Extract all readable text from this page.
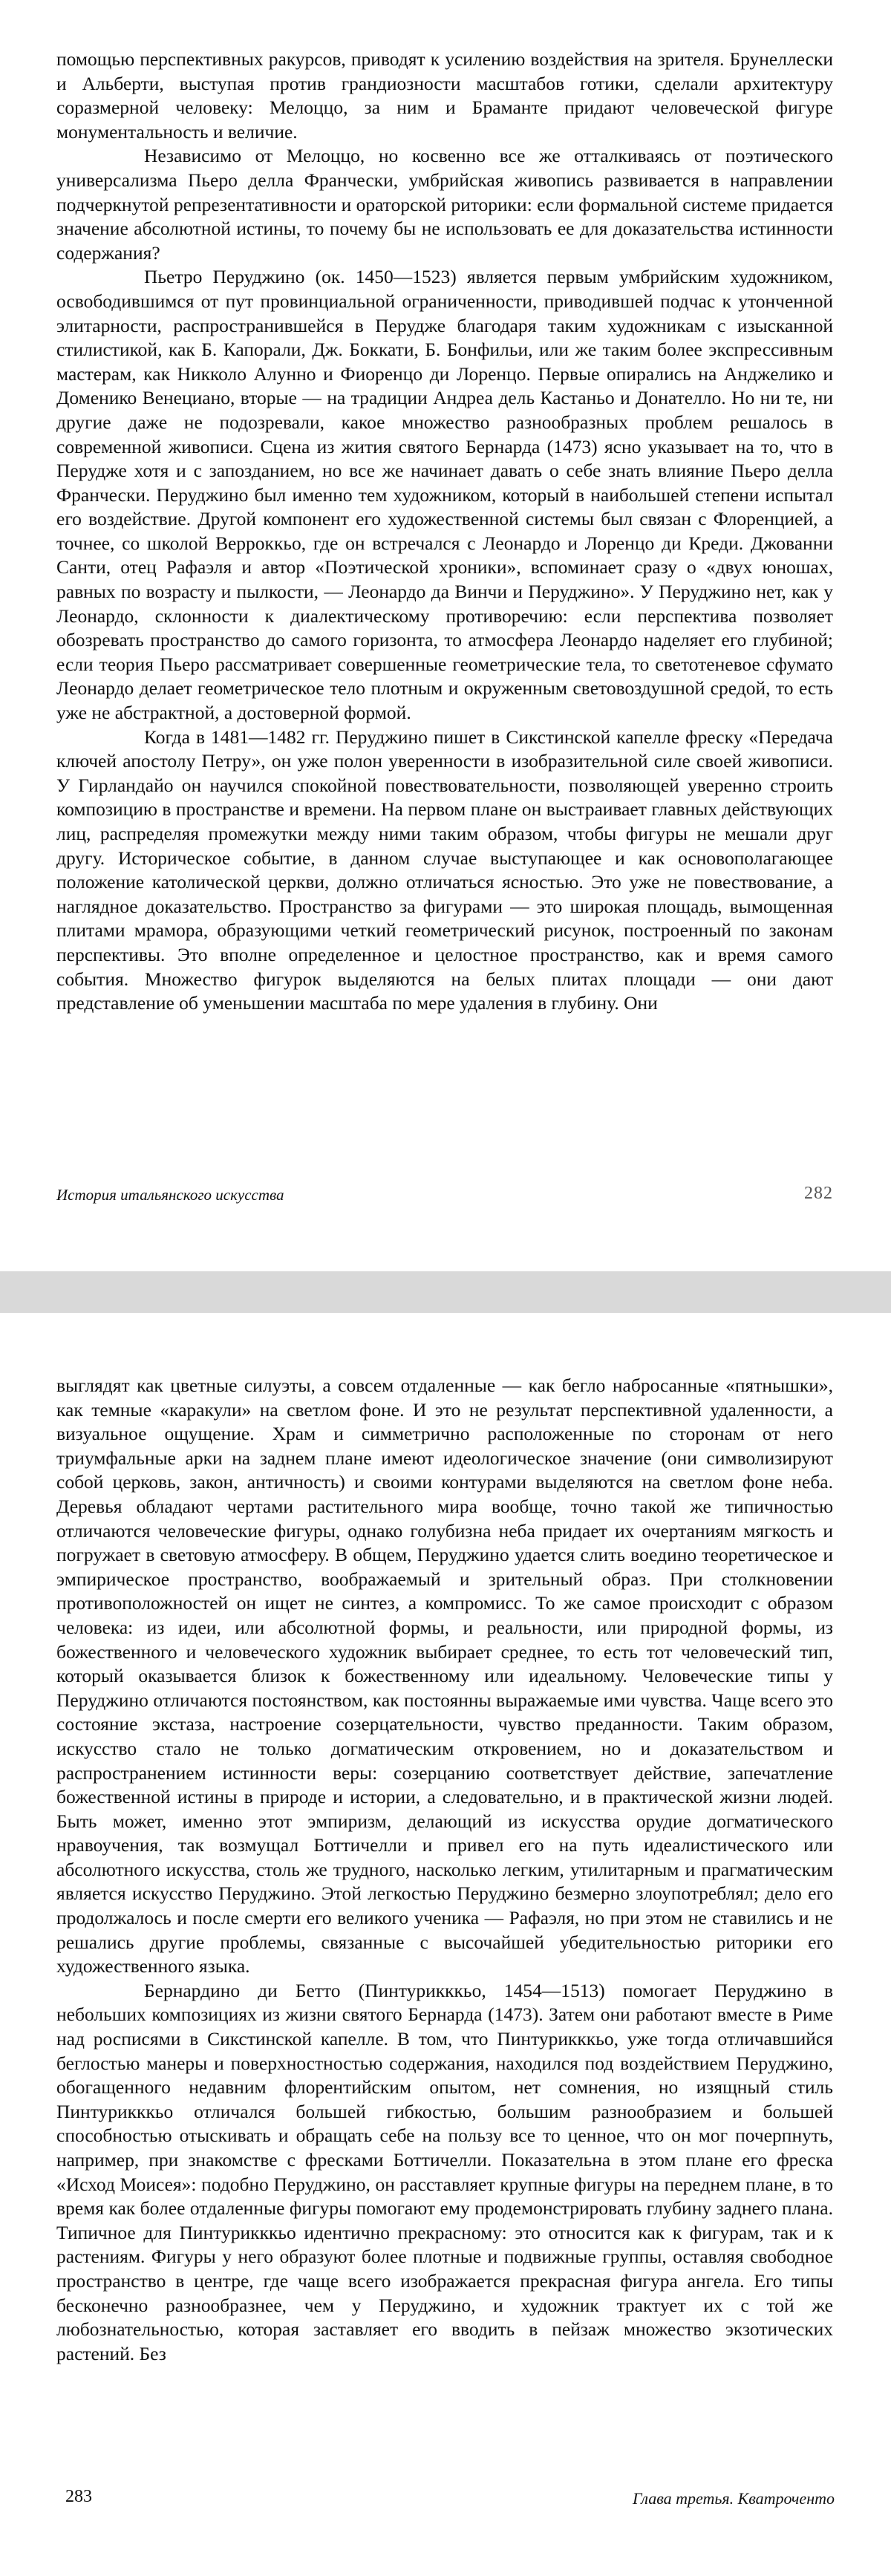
помощью перспективных ракурсов, приводят к усилению воздействия на зрителя. Брунеллески и Альберти, выступая против грандиозности масштабов готики, сделали архитектуру соразмерной человеку: Мелоццо, за ним и Браманте придают человеческой фигуре монументальность и величие.

Независимо от Мелоццо, но косвенно все же отталкиваясь от поэтического универсализма Пьеро делла Франчески, умбрийская живопись развивается в направлении подчеркнутой репрезентативности и ораторской риторики: если формальной системе придается значение абсолютной истины, то почему бы не использовать ее для доказательства истинности содержания?

Пьетро Перуджино (ок. 1450—1523) является первым умбрийским художником, освободившимся от пут провинциальной ограниченности, приводившей подчас к утонченной элитарности, распространившейся в Перудже благодаря таким художникам с изысканной стилистикой, как Б. Капорали, Дж. Боккати, Б. Бонфильи, или же таким более экспрессивным мастерам, как Никколо Алунно и Фиоренцо ди Лоренцо. Первые опирались на Анджелико и Доменико Венециано, вторые — на традиции Андреа дель Кастаньо и Донателло. Но ни те, ни другие даже не подозревали, какое множество разнообразных проблем решалось в современной живописи. Сцена из жития святого Бернарда (1473) ясно указывает на то, что в Перудже хотя и с запозданием, но все же начинает давать о себе знать влияние Пьеро делла Франчески. Перуджино был именно тем художником, который в наибольшей степени испытал его воздействие. Другой компонент его художественной системы был связан с Флоренцией, а точнее, со школой Верроккьо, где он встречался с Леонардо и Лоренцо ди Креди. Джованни Санти, отец Рафаэля и автор «Поэтической хроники», вспоминает сразу о «двух юношах, равных по возрасту и пылкости, — Леонардо да Винчи и Перуджино». У Перуджино нет, как у Леонардо, склонности к диалектическому противоречию: если перспектива позволяет обозревать пространство до самого горизонта, то атмосфера Леонардо наделяет его глубиной; если теория Пьеро рассматривает совершенные геометрические тела, то светотеневое сфумато Леонардо делает геометрическое тело плотным и окруженным световоздушной средой, то есть уже не абстрактной, а достоверной формой.

Когда в 1481—1482 гг. Перуджино пишет в Сикстинской капелле фреску «Передача ключей апостолу Петру», он уже полон уверенности в изобразительной силе своей живописи. У Гирландайо он научился спокойной повествовательности, позволяющей уверенно строить композицию в пространстве и времени. На первом плане он выстраивает главных действующих лиц, распределяя промежутки между ними таким образом, чтобы фигуры не мешали друг другу. Историческое событие, в данном случае выступающее и как основополагающее положение католической церкви, должно отличаться ясностью. Это уже не повествование, а наглядное доказательство. Пространство за фигурами — это широкая площадь, вымощенная плитами мрамора, образующими четкий геометрический рисунок, построенный по законам перспективы. Это вполне определенное и целостное пространство, как и время самого события. Множество фигурок выделяются на белых плитах площади — они дают представление об уменьшении масштаба по мере удаления в глубину. Они

История итальянского искусства	282

выглядят как цветные силуэты, а совсем отдаленные — как бегло набросанные «пятнышки», как темные «каракули» на светлом фоне. И это не результат перспективной удаленности, а визуальное ощущение. Храм и симметрично расположенные по сторонам от него триумфальные арки на заднем плане имеют идеологическое значение (они символизируют собой церковь, закон, античность) и своими контурами выделяются на светлом фоне неба. Деревья обладают чертами растительного мира вообще, точно такой же типичностью отличаются человеческие фигуры, однако голубизна неба придает их очертаниям мягкость и погружает в световую атмосферу. В общем, Перуджино удается слить воедино теоретическое и эмпирическое пространство, воображаемый и зрительный образ. При столкновении противоположностей он ищет не синтез, а компромисс. То же самое происходит с образом человека: из идеи, или абсолютной формы, и реальности, или природной формы, из божественного и человеческого художник выбирает среднее, то есть тот человеческий тип, который оказывается близок к божественному или идеальному. Человеческие типы у Перуджино отличаются постоянством, как постоянны выражаемые ими чувства. Чаще всего это состояние экстаза, настроение созерцательности, чувство преданности. Таким образом, искусство стало не только догматическим откровением, но и доказательством и распространением истинности веры: созерцанию соответствует действие, запечатление божественной истины в природе и истории, а следовательно, и в практической жизни людей. Быть может, именно этот эмпиризм, делающий из искусства орудие догматического нравоучения, так возмущал Боттичелли и привел его на путь идеалистического или абсолютного искусства, столь же трудного, насколько легким, утилитарным и прагматическим является искусство Перуджино. Этой легкостью Перуджино безмерно злоупотреблял; дело его продолжалось и после смерти его великого ученика — Рафаэля, но при этом не ставились и не решались другие проблемы, связанные с высочайшей убедительностью риторики его художественного языка.

Бернардино ди Бетто (Пинтурикккьо, 1454—1513) помогает Перуджино в небольших композициях из жизни святого Бернарда (1473). Затем они работают вместе в Риме над росписями в Сикстинской капелле. В том, что Пинтурикккьо, уже тогда отличавшийся беглостью манеры и поверхностностью содержания, находился под воздействием Перуджино, обогащенного недавним флорентийским опытом, нет сомнения, но изящный стиль Пинтурикккьо отличался большей гибкостью, большим разнообразием и большей способностью отыскивать и обращать себе на пользу все то ценное, что он мог почерпнуть, например, при знакомстве с фресками Боттичелли. Показательна в этом плане его фреска «Исход Моисея»: подобно Перуджино, он расставляет крупные фигуры на переднем плане, в то время как более отдаленные фигуры помогают ему продемонстрировать глубину заднего плана. Типичное для Пинтурикккьо идентично прекрасному: это относится как к фигурам, так и к растениям. Фигуры у него образуют более плотные и подвижные группы, оставляя свободное пространство в центре, где чаще всего изображается прекрасная фигура ангела. Его типы бесконечно разнообразнее, чем у Перуджино, и художник трактует их с той же любознательностью, которая заставляет его вводить в пейзаж множество экзотических растений. Без

283	Глава третья. Кватроченто
